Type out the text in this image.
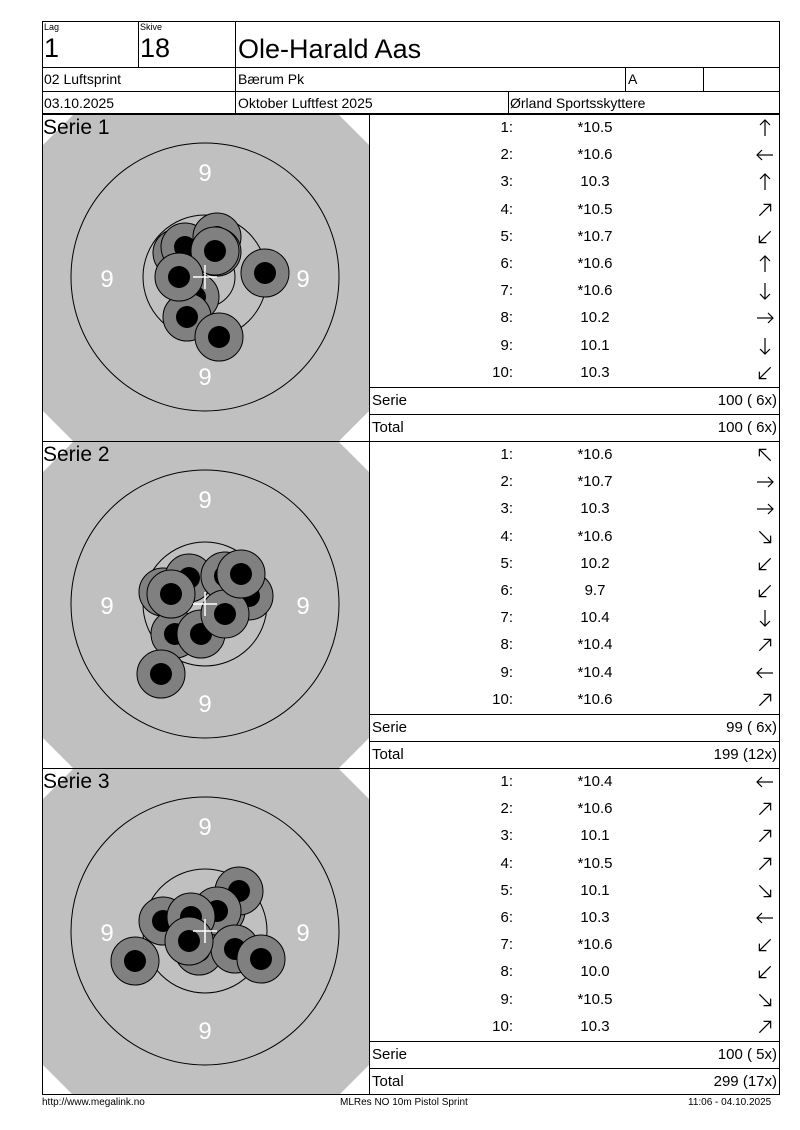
Lag
1
Skive
18	Ole-Harald Aas
02 Luftsprint	Bærum Pk	A
03.10.2025	Oktober Luftfest 2025	Ørland Sportsskyttere
9
9	9
9
Serie 1	1:	*10.5
2:	*10.6
3:	10.3
4:	*10.5
5:	*10.7
6:	*10.6
7:	*10.6
8:	10.2
9:	10.1
10:	10.3
Serie	100 ( 6x)
Total	100 ( 6x)
9
9	9
9
Serie 2	1:	*10.6
2:	*10.7
3:	10.3
4:	*10.6
5:	10.2
6:	9.7
7:	10.4
8:	*10.4
9:	*10.4
10:	*10.6
Serie	99 ( 6x)
Total	199 (12x)
9
9	9
9
Serie 3	1:	*10.4
2:	*10.6
3:	10.1
4:	*10.5
5:	10.1
6:	10.3
7:	*10.6
8:	10.0
9:	*10.5
10:	10.3
Serie	100 ( 5x)
Total	299 (17x)
http://www.megalink.no	MLRes NO 10m Pistol Sprint	11:06 - 04.10.2025
